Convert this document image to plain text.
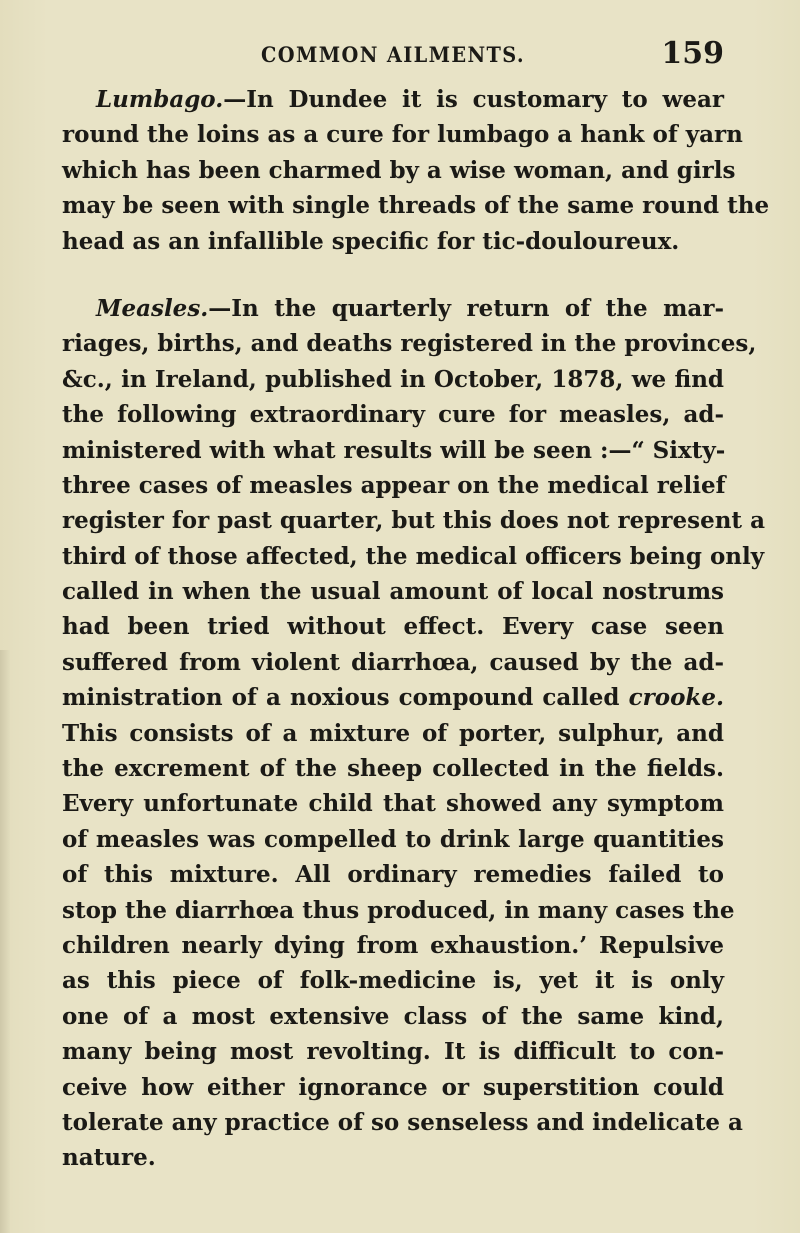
COMMON AILMENTS.	159
Lumbago.—In Dundee it is customary to wear
round the loins as a cure for lumbago a hank of yarn
which has been charmed by a wise woman, and girls
may be seen with single threads of the same round the
head as an infallible specific for tic-douloureux.
Measles.—In the quarterly return of the mar-
riages, births, and deaths registered in the provinces,
&c., in Ireland, published in October, 1878, we find
the following extraordinary cure for measles, ad-
ministered with what results will be seen :—“ Sixty-
three cases of measles appear on the medical relief
register for past quarter, but this does not represent a
third of those affected, the medical officers being only
called in when the usual amount of local nostrums
had been tried without effect. Every case seen
suffered from violent diarrhœa, caused by the ad-
ministration of a noxious compound called crooke.
This consists of a mixture of porter, sulphur, and
the excrement of the sheep collected in the fields.
Every unfortunate child that showed any symptom
of measles was compelled to drink large quantities
of this mixture. All ordinary remedies failed to
stop the diarrhœa thus produced, in many cases the
children nearly dying from exhaustion.’ Repulsive
as this piece of folk-medicine is, yet it is only
one of a most extensive class of the same kind,
many being most revolting. It is difficult to con-
ceive how either ignorance or superstition could
tolerate any practice of so senseless and indelicate a
nature.
